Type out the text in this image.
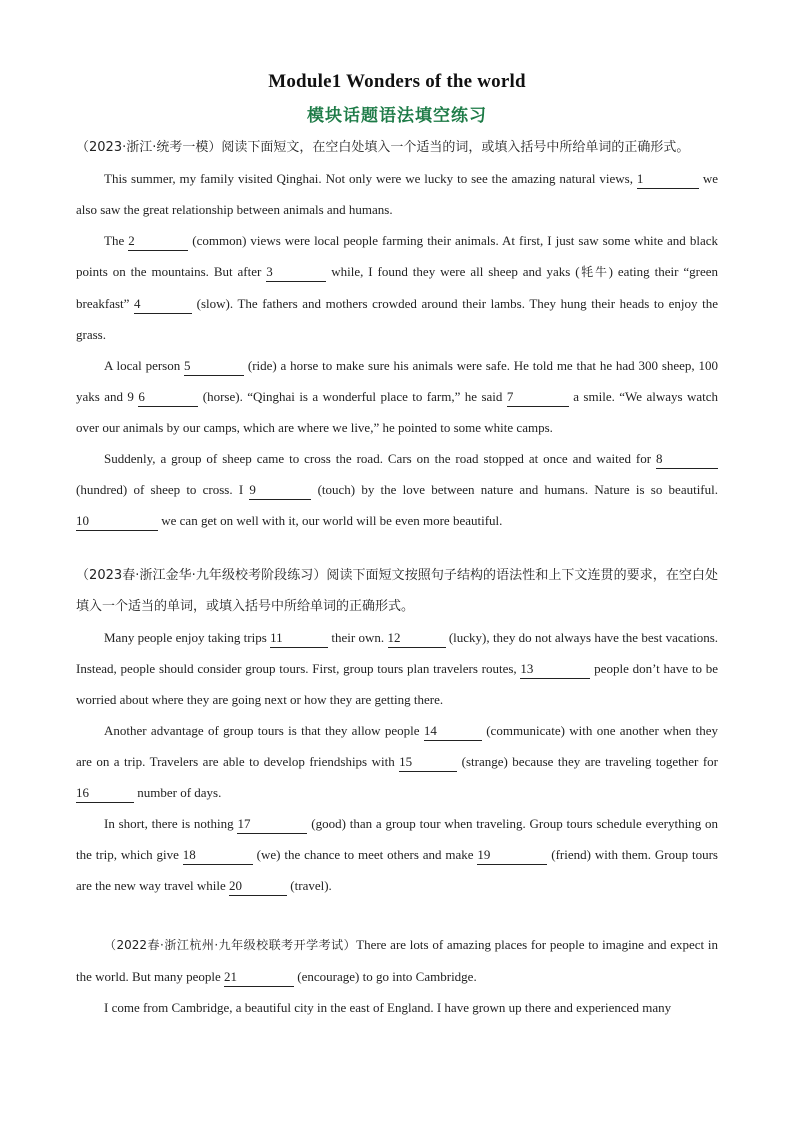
Module1 Wonders of the world
模块话题语法填空练习
（2023·浙江·统考一模）阅读下面短文，在空白处填入一个适当的词，或填入括号中所给单词的正确形式。

This summer, my family visited Qinghai. Not only were we lucky to see the amazing natural views, 1	we also saw the great relationship between animals and humans.

The 2	(common) views were local people farming their animals. At first, I just saw some white and black points on the mountains. But after 3	while, I found they were all sheep and yaks (牦牛) eating their “green breakfast” 4	(slow). The fathers and mothers crowded around their lambs. They hung their heads to enjoy the grass.

A local person 5	(ride) a horse to make sure his animals were safe. He told me that he had 300 sheep, 100 yaks and 9 6	(horse). “Qinghai is a wonderful place to farm,” he said 7	a smile. “We always watch over our animals by our camps, which are where we live,” he pointed to some white camps.

Suddenly, a group of sheep came to cross the road. Cars on the road stopped at once and waited for 8 (hundred) of sheep to cross. I 9	(touch) by the love between nature and humans. Nature is so beautiful. 10	we can get on well with it, our world will be even more beautiful.

（2023春·浙江金华·九年级校考阶段练习）阅读下面短文按照句子结构的语法性和上下文连贯的要求，在空白处填入一个适当的单词，或填入括号中所给单词的正确形式。

Many people enjoy taking trips 11	their own. 12	(lucky), they do not always have the best vacations. Instead, people should consider group tours. First, group tours plan travelers routes, 13	people don’t have to be worried about where they are going next or how they are getting there.

Another advantage of group tours is that they allow people 14	(communicate) with one another when they are on a trip. Travelers are able to develop friendships with 15	(strange) because they are traveling together for 16	number of days.

In short, there is nothing 17	(good) than a group tour when traveling. Group tours schedule everything on the trip, which give 18	(we) the chance to meet others and make 19	(friend) with them. Group tours are the new way travel while 20	(travel).

（2022春·浙江杭州·九年级校联考开学考试）There are lots of amazing places for people to imagine and expect in the world. But many people 21	(encourage) to go into Cambridge.

I come from Cambridge, a beautiful city in the east of England. I have grown up there and experienced many
